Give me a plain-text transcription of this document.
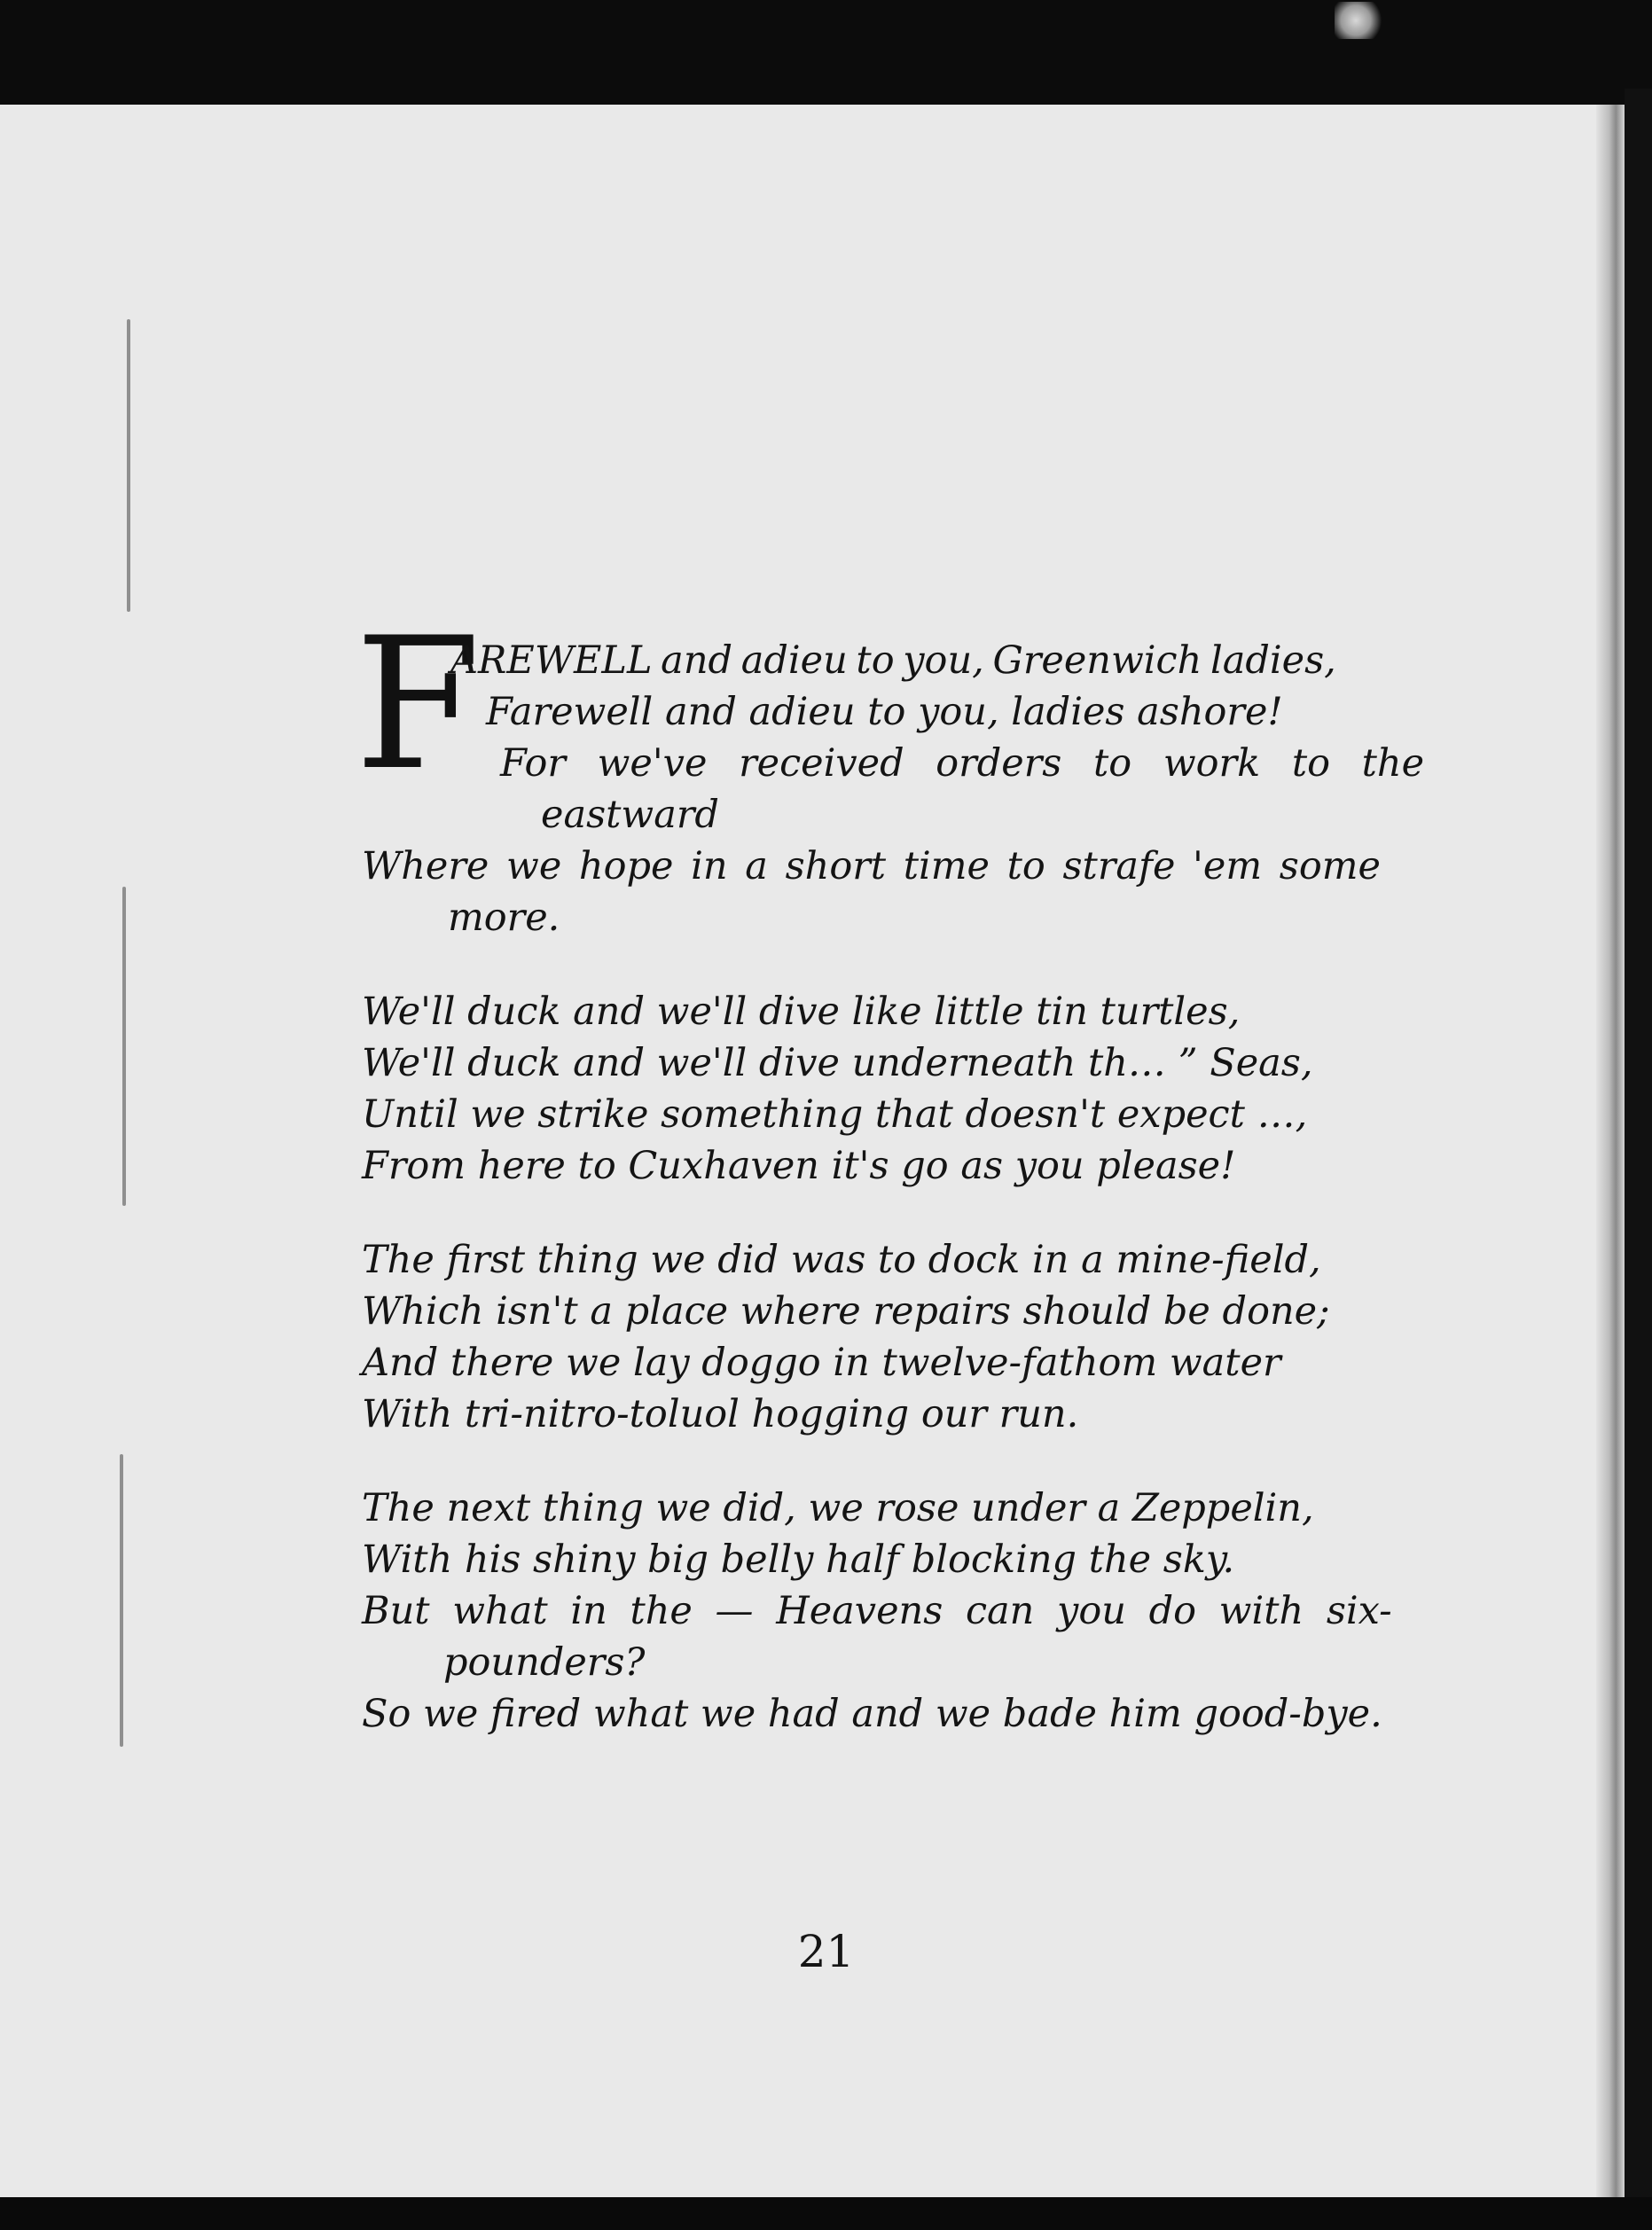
F
AREWELL and adieu to you, Greenwich ladies,
Farewell and adieu to you, ladies ashore!
For we've received orders to work to the
eastward
Where we hope in a short time to strafe 'em some
more.
We'll duck and we'll dive like little tin turtles,
We'll duck and we'll dive underneath th… ” Seas,
Until we strike something that doesn't expect …,
From here to Cuxhaven it's go as you please!
The first thing we did was to dock in a mine-field,
Which isn't a place where repairs should be done;
And there we lay doggo in twelve-fathom water
With tri-nitro-toluol hogging our run.
The next thing we did, we rose under a Zeppelin,
With his shiny big belly half blocking the sky.
But what in the — Heavens can you do with six-
pounders?
So we fired what we had and we bade him good-bye.
21
